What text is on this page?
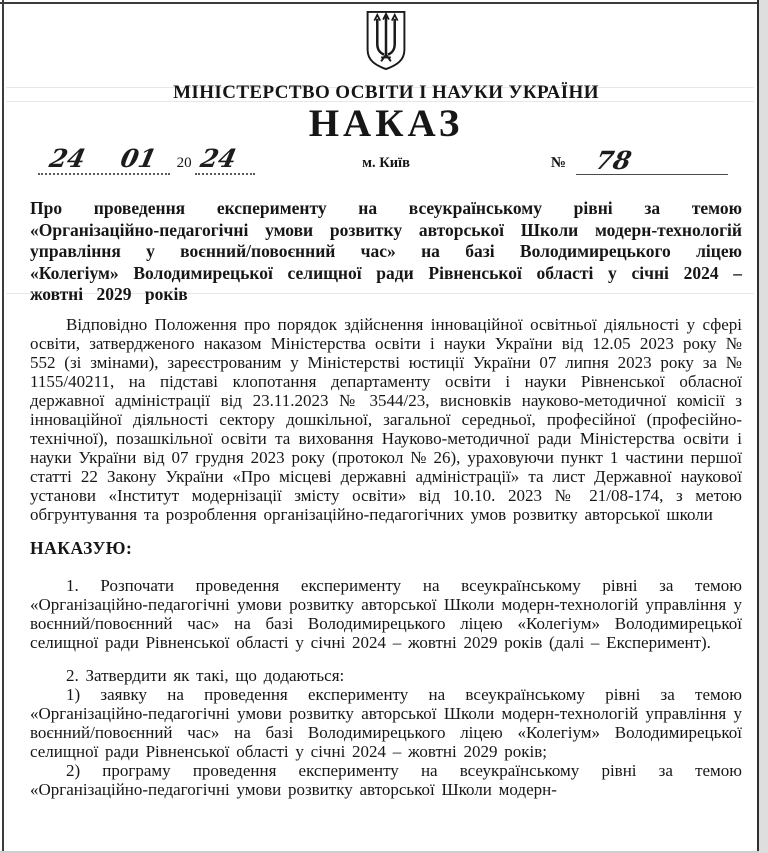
МІНІСТЕРСТВО ОСВІТИ І НАУКИ УКРАЇНИ
НАКАЗ
24 01	20 24	м. Київ	№	78

Про проведення експерименту на всеукраїнському рівні за темою «Організаційно-педагогічні умови розвитку авторської Школи модерн-технологій управління у воєнний/повоєнний час» на базі Володимирецького ліцею «Колегіум» Володимирецької селищної ради Рівненської області у січні 2024 – жовтні 2029 років

Відповідно Положення про порядок здійснення інноваційної освітньої діяльності у сфері освіти, затвердженого наказом Міністерства освіти і науки України від 12.05 2023 року № 552 (зі змінами), зареєстрованим у Міністерстві юстиції України 07 липня 2023 року за № 1155/40211, на підставі клопотання департаменту освіти і науки Рівненської обласної державної адміністрації від 23.11.2023 № 3544/23, висновків науково-методичної комісії з інноваційної діяльності сектору дошкільної, загальної середньої, професійної (професійно-технічної), позашкільної освіти та виховання Науково-методичної ради Міністерства освіти і науки України від 07 грудня 2023 року (протокол № 26), ураховуючи пункт 1 частини першої статті 22 Закону України «Про місцеві державні адміністрації» та лист Державної наукової установи «Інститут модернізації змісту освіти» від 10.10. 2023 № 21/08-174, з метою обгрунтування та розроблення організаційно-педагогічних умов розвитку авторської школи

НАКАЗУЮ:

1. Розпочати проведення експерименту на всеукраїнському рівні за темою «Організаційно-педагогічні умови розвитку авторської Школи модерн-технологій управління у воєнний/повоєнний час» на базі Володимирецького ліцею «Колегіум» Володимирецької селищної ради Рівненської області у січні 2024 – жовтні 2029 років (далі – Експеримент).

2. Затвердити як такі, що додаються:

1) заявку на проведення експерименту на всеукраїнському рівні за темою «Організаційно-педагогічні умови розвитку авторської Школи модерн-технологій управління у воєнний/повоєнний час» на базі Володимирецького ліцею «Колегіум» Володимирецької селищної ради Рівненської області у січні 2024 – жовтні 2029 років;

2) програму проведення експерименту на всеукраїнському рівні за темою «Організаційно-педагогічні умови розвитку авторської Школи модерн-
